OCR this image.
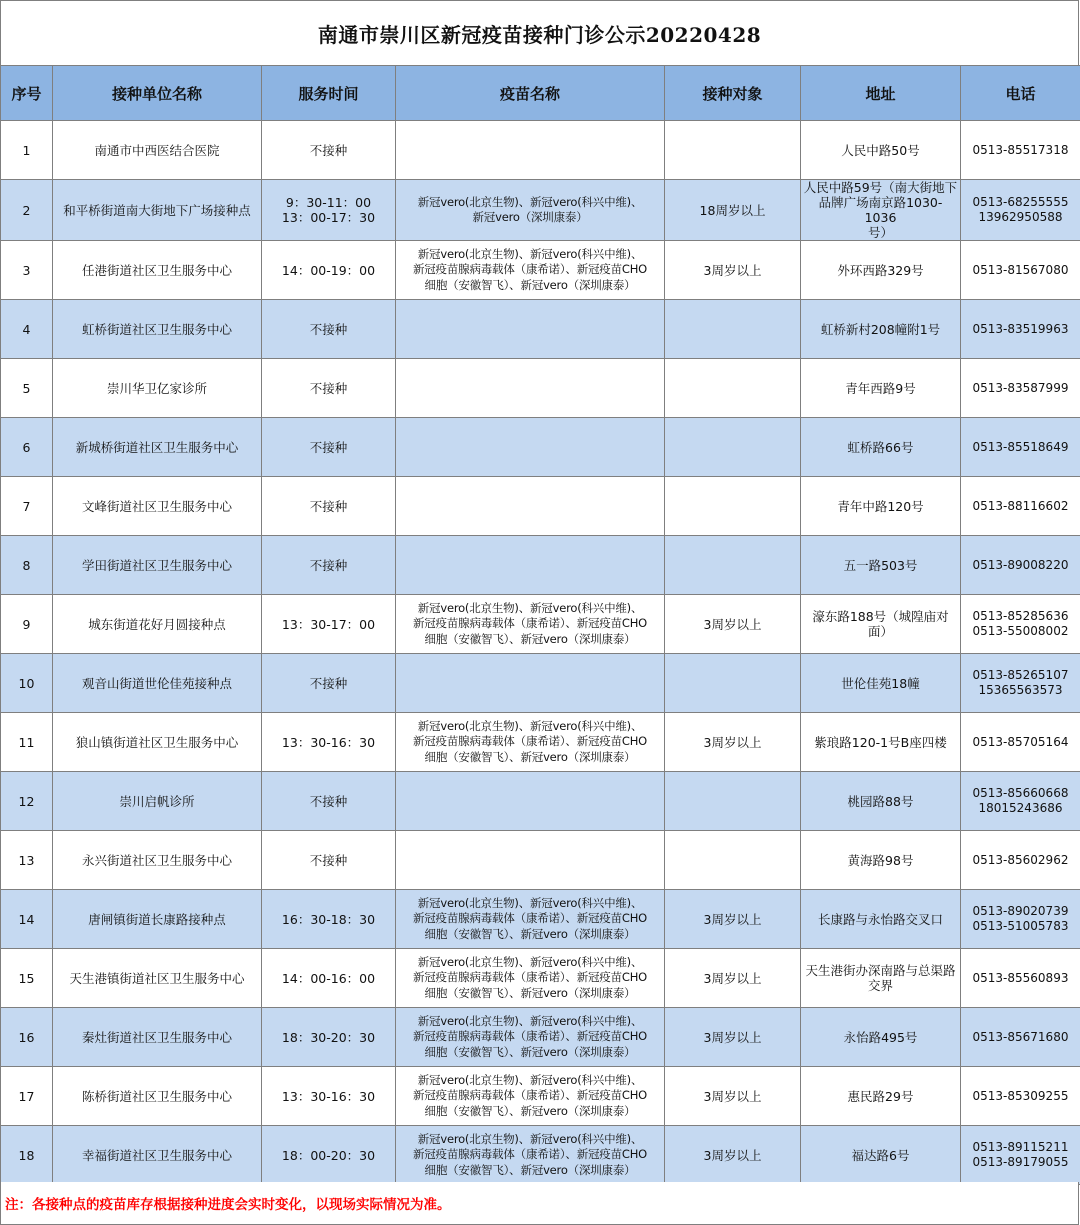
南通市崇川区新冠疫苗接种门诊公示20220428
序号	接种单位名称	服务时间	疫苗名称	接种对象	地址	电话

1	南通市中西医结合医院	不接种			人民中路50号	0513-85517318

2	和平桥街道南大街地下广场接种点	9：30-11：00
13：00-17：30	新冠vero(北京生物)、新冠vero(科兴中维)、
新冠vero（深圳康泰）	18周岁以上	人民中路59号（南大街地下
品牌广场南京路1030-1036
号）	0513-68255555
13962950588

3	任港街道社区卫生服务中心	14：00-19：00	新冠vero(北京生物)、新冠vero(科兴中维)、
新冠疫苗腺病毒载体（康希诺）、新冠疫苗CHO
细胞（安徽智飞）、新冠vero（深圳康泰）	3周岁以上	外环西路329号	0513-81567080

4	虹桥街道社区卫生服务中心	不接种			虹桥新村208幢附1号	0513-83519963

5	崇川华卫亿家诊所	不接种			青年西路9号	0513-83587999

6	新城桥街道社区卫生服务中心	不接种			虹桥路66号	0513-85518649

7	文峰街道社区卫生服务中心	不接种			青年中路120号	0513-88116602

8	学田街道社区卫生服务中心	不接种			五一路503号	0513-89008220

9	城东街道花好月圆接种点	13：30-17：00	新冠vero(北京生物)、新冠vero(科兴中维)、
新冠疫苗腺病毒载体（康希诺）、新冠疫苗CHO
细胞（安徽智飞）、新冠vero（深圳康泰）	3周岁以上	濠东路188号（城隍庙对
面）	0513-85285636
0513-55008002

10	观音山街道世伦佳苑接种点	不接种			世伦佳苑18幢	0513-85265107
15365563573

11	狼山镇街道社区卫生服务中心	13：30-16：30	新冠vero(北京生物)、新冠vero(科兴中维)、
新冠疫苗腺病毒载体（康希诺）、新冠疫苗CHO
细胞（安徽智飞）、新冠vero（深圳康泰）	3周岁以上	紫琅路120-1号B座四楼	0513-85705164

12	崇川启帆诊所	不接种			桃园路88号	0513-85660668
18015243686

13	永兴街道社区卫生服务中心	不接种			黄海路98号	0513-85602962

14	唐闸镇街道长康路接种点	16：30-18：30	新冠vero(北京生物)、新冠vero(科兴中维)、
新冠疫苗腺病毒载体（康希诺）、新冠疫苗CHO
细胞（安徽智飞）、新冠vero（深圳康泰）	3周岁以上	长康路与永怡路交叉口	0513-89020739
0513-51005783

15	天生港镇街道社区卫生服务中心	14：00-16：00	新冠vero(北京生物)、新冠vero(科兴中维)、
新冠疫苗腺病毒载体（康希诺）、新冠疫苗CHO
细胞（安徽智飞）、新冠vero（深圳康泰）	3周岁以上	天生港街办深南路与总渠路
交界	0513-85560893

16	秦灶街道社区卫生服务中心	18：30-20：30	新冠vero(北京生物)、新冠vero(科兴中维)、
新冠疫苗腺病毒载体（康希诺）、新冠疫苗CHO
细胞（安徽智飞）、新冠vero（深圳康泰）	3周岁以上	永怡路495号	0513-85671680

17	陈桥街道社区卫生服务中心	13：30-16：30	新冠vero(北京生物)、新冠vero(科兴中维)、
新冠疫苗腺病毒载体（康希诺）、新冠疫苗CHO
细胞（安徽智飞）、新冠vero（深圳康泰）	3周岁以上	惠民路29号	0513-85309255

18	幸福街道社区卫生服务中心	18：00-20：30	新冠vero(北京生物)、新冠vero(科兴中维)、
新冠疫苗腺病毒载体（康希诺）、新冠疫苗CHO
细胞（安徽智飞）、新冠vero（深圳康泰）	3周岁以上	福达路6号	0513-89115211
0513-89179055
注：各接种点的疫苗库存根据接种进度会实时变化，以现场实际情况为准。
